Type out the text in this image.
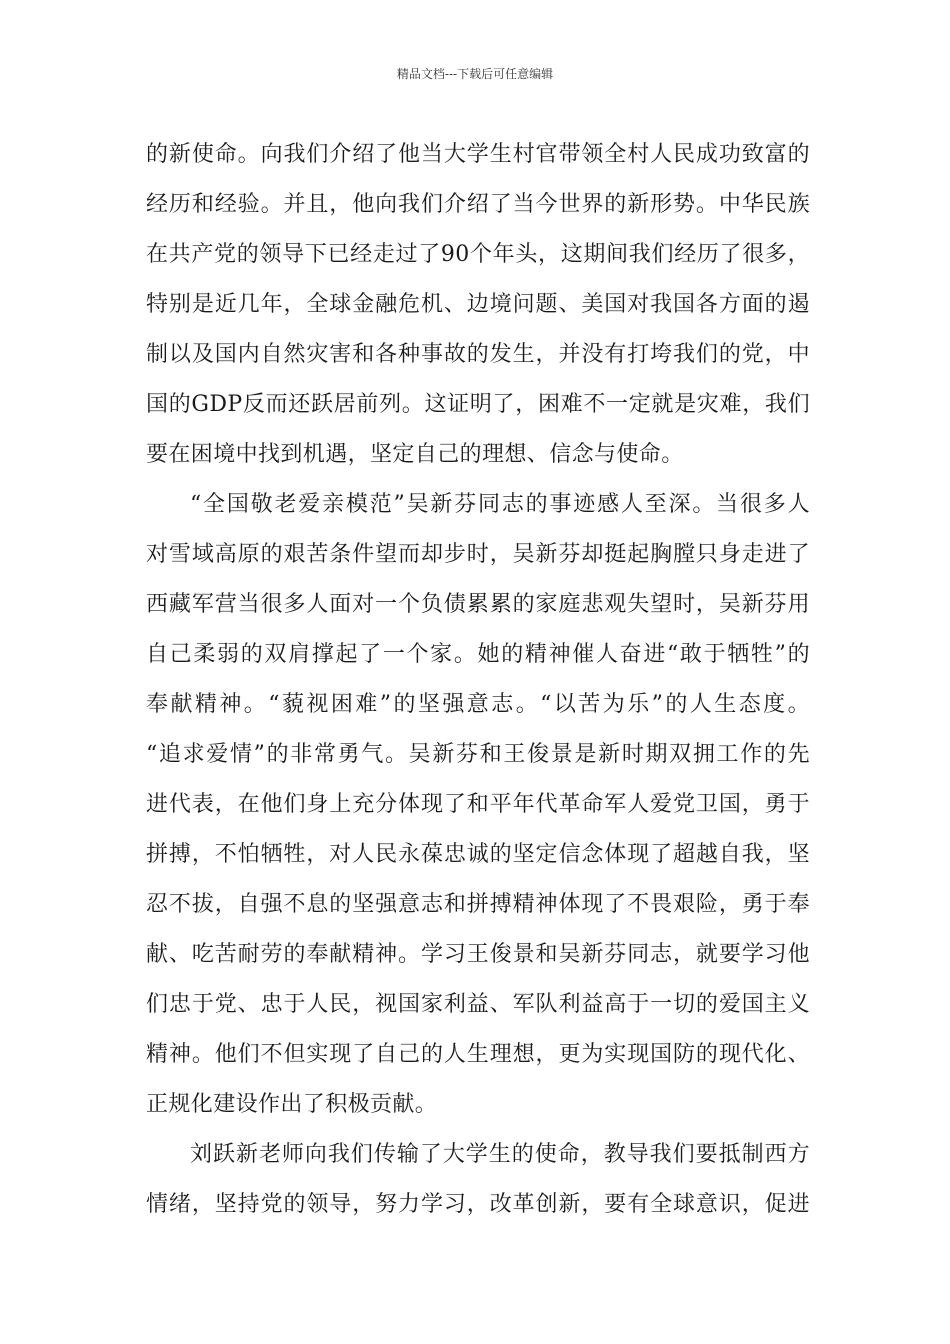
精品文档---下载后可任意编辑
的新使命。向我们介绍了他当大学生村官带领全村人民成功致富的
经历和经验。并且，他向我们介绍了当今世界的新形势。中华民族
在共产党的领导下已经走过了90个年头，这期间我们经历了很多，
特别是近几年，全球金融危机、边境问题、美国对我国各方面的遏
制以及国内自然灾害和各种事故的发生，并没有打垮我们的党，中
国的GDP反而还跃居前列。这证明了，困难不一定就是灾难，我们
要在困境中找到机遇，坚定自己的理想、信念与使命。
“全国敬老爱亲模范”吴新芬同志的事迹感人至深。当很多人
对雪域高原的艰苦条件望而却步时，吴新芬却挺起胸膛只身走进了
西藏军营当很多人面对一个负债累累的家庭悲观失望时，吴新芬用
自己柔弱的双肩撑起了一个家。她的精神催人奋进“敢于牺牲”的
奉献精神。“藐视困难”的坚强意志。“以苦为乐”的人生态度。
“追求爱情”的非常勇气。吴新芬和王俊景是新时期双拥工作的先
进代表，在他们身上充分体现了和平年代革命军人爱党卫国，勇于
拼搏，不怕牺牲，对人民永葆忠诚的坚定信念体现了超越自我，坚
忍不拔，自强不息的坚强意志和拼搏精神体现了不畏艰险，勇于奉
献、吃苦耐劳的奉献精神。学习王俊景和吴新芬同志，就要学习他
们忠于党、忠于人民，视国家利益、军队利益高于一切的爱国主义
精神。他们不但实现了自己的人生理想，更为实现国防的现代化、
正规化建设作出了积极贡献。
刘跃新老师向我们传输了大学生的使命，教导我们要抵制西方
情绪，坚持党的领导，努力学习，改革创新，要有全球意识，促进
